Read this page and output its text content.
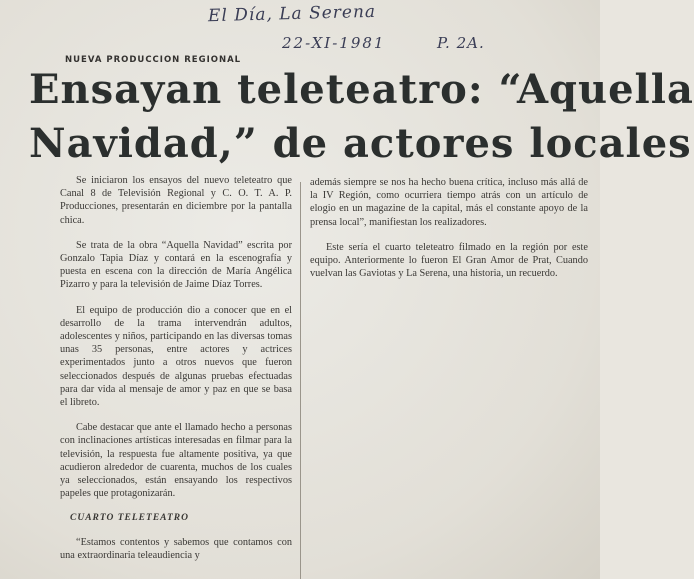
El Día, La Serena
22-XI-1981	P. 2A.
NUEVA PRODUCCION REGIONAL
Ensayan teleteatro: “Aquella
Navidad,” de actores locales

Se iniciaron los ensayos del nuevo teleteatro que Canal 8 de Televisión Regional y C. O. T. A. P. Producciones, presentarán en diciembre por la pantalla chica.

Se trata de la obra “Aquella Navidad” escrita por Gonzalo Tapia Díaz y contará en la escenografía y puesta en escena con la dirección de María Angélica Pizarro y para la televisión de Jaime Díaz Torres.

El equipo de producción dio a conocer que en el desarrollo de la trama intervendrán adultos, adolescentes y niños, participando en las diversas tomas unas 35 personas, entre actores y actrices experimentados junto a otros nuevos que fueron seleccionados después de algunas pruebas efectuadas para dar vida al mensaje de amor y paz en que se basa el libreto.

Cabe destacar que ante el llamado hecho a personas con inclinaciones artísticas interesadas en filmar para la televisión, la respuesta fue altamente positiva, ya que acudieron alrededor de cuarenta, muchos de los cuales ya seleccionados, están ensayando los respectivos papeles que protagonizarán.

CUARTO TELETEATRO

“Estamos contentos y sabemos que contamos con una extraordinaria teleaudiencia y

además siempre se nos ha hecho buena crítica, incluso más allá de la IV Región, como ocurriera tiempo atrás con un artículo de elogio en un magazine de la capital, más el constante apoyo de la prensa local”, manifiestan los realizadores.

Este sería el cuarto teleteatro filmado en la región por este equipo. Anteriormente lo fueron El Gran Amor de Prat, Cuando vuelvan las Gaviotas y La Serena, una historia, un recuerdo.
